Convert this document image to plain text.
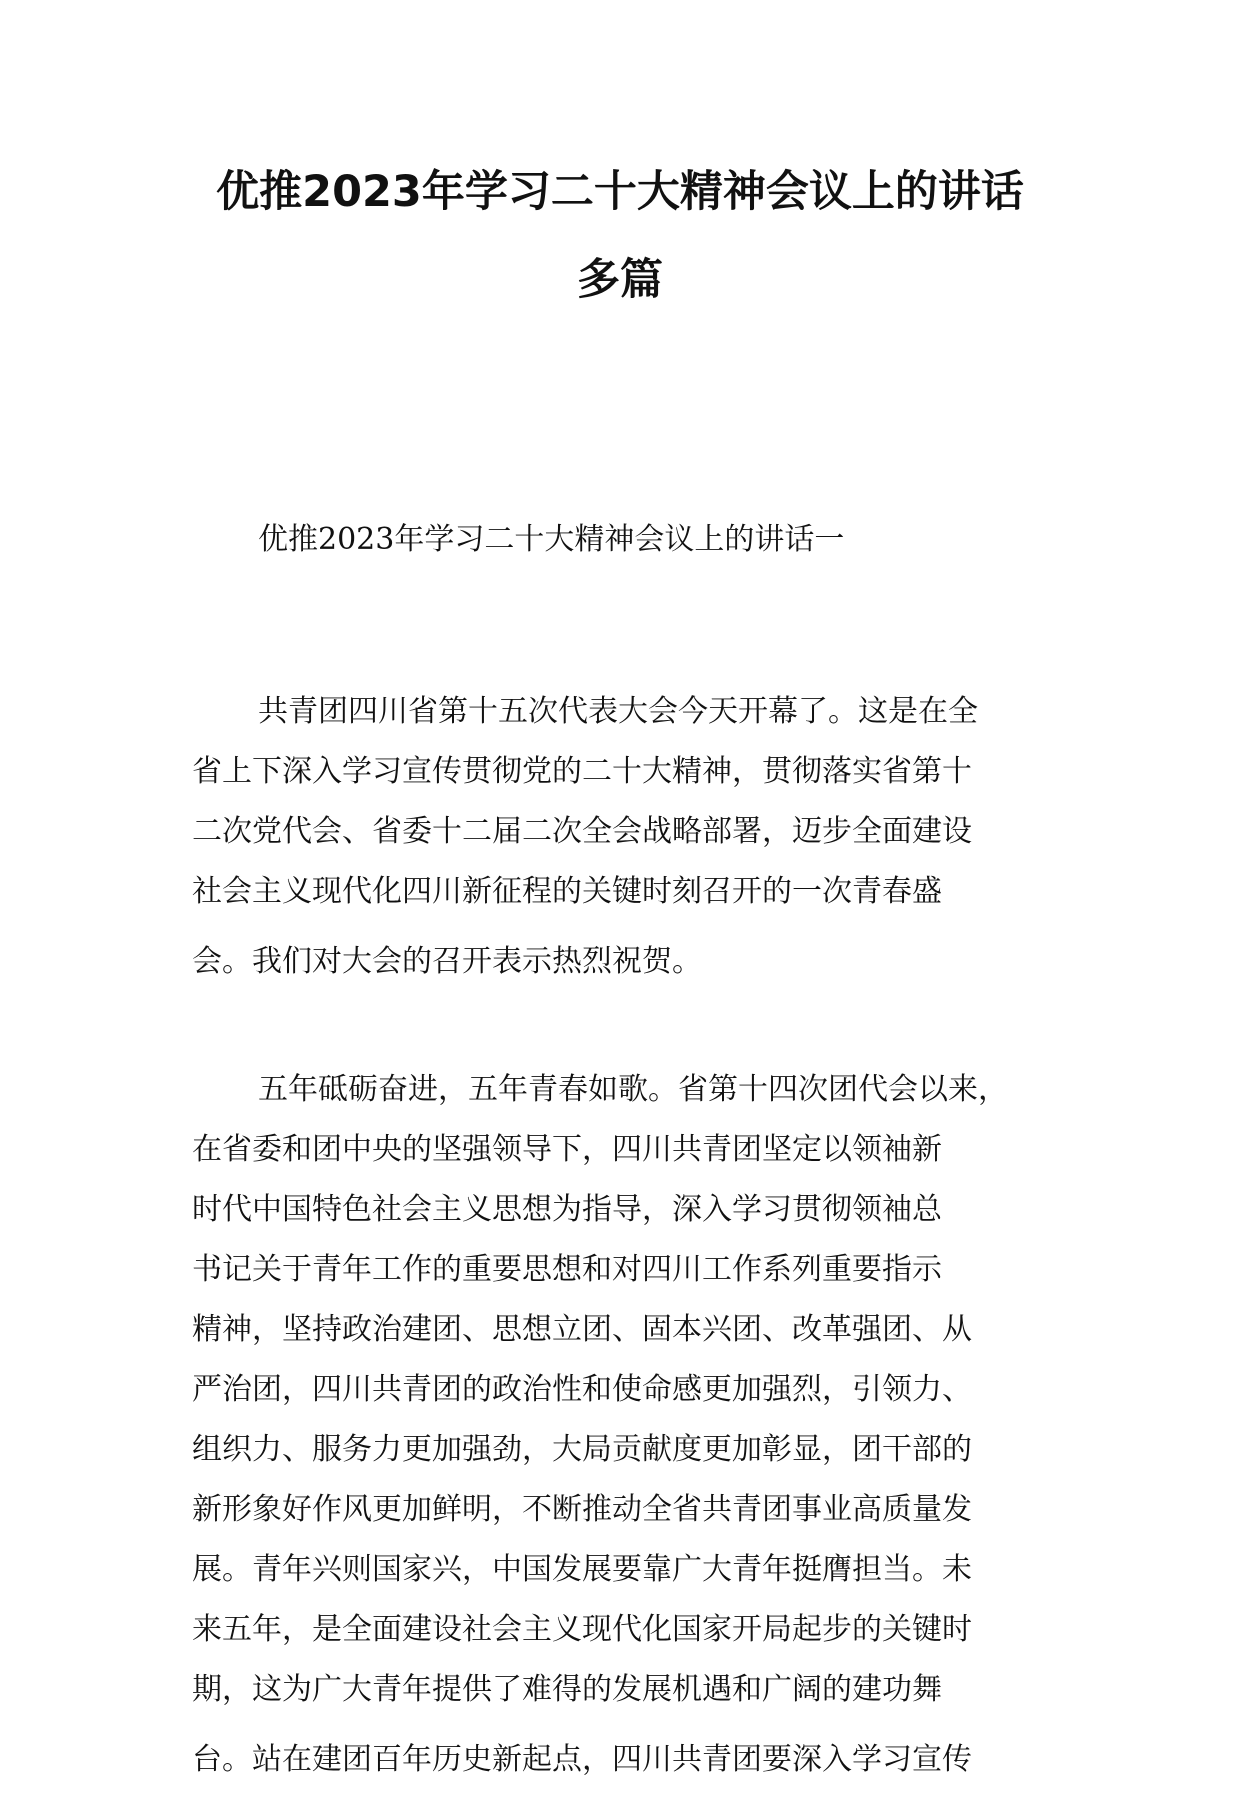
优推2023年学习二十大精神会议上的讲话
多篇

优推2023年学习二十大精神会议上的讲话一

共青团四川省第十五次代表大会今天开幕了。这是在全
省上下深入学习宣传贯彻党的二十大精神，贯彻落实省第十
二次党代会、省委十二届二次全会战略部署，迈步全面建设
社会主义现代化四川新征程的关键时刻召开的一次青春盛
会。我们对大会的召开表示热烈祝贺。
五年砥砺奋进，五年青春如歌。省第十四次团代会以来，
在省委和团中央的坚强领导下，四川共青团坚定以领袖新
时代中国特色社会主义思想为指导，深入学习贯彻领袖总
书记关于青年工作的重要思想和对四川工作系列重要指示
精神，坚持政治建团、思想立团、固本兴团、改革强团、从
严治团，四川共青团的政治性和使命感更加强烈，引领力、
组织力、服务力更加强劲，大局贡献度更加彰显，团干部的
新形象好作风更加鲜明，不断推动全省共青团事业高质量发
展。青年兴则国家兴，中国发展要靠广大青年挺膺担当。未
来五年，是全面建设社会主义现代化国家开局起步的关键时
期，这为广大青年提供了难得的发展机遇和广阔的建功舞
台。站在建团百年历史新起点，四川共青团要深入学习宣传
